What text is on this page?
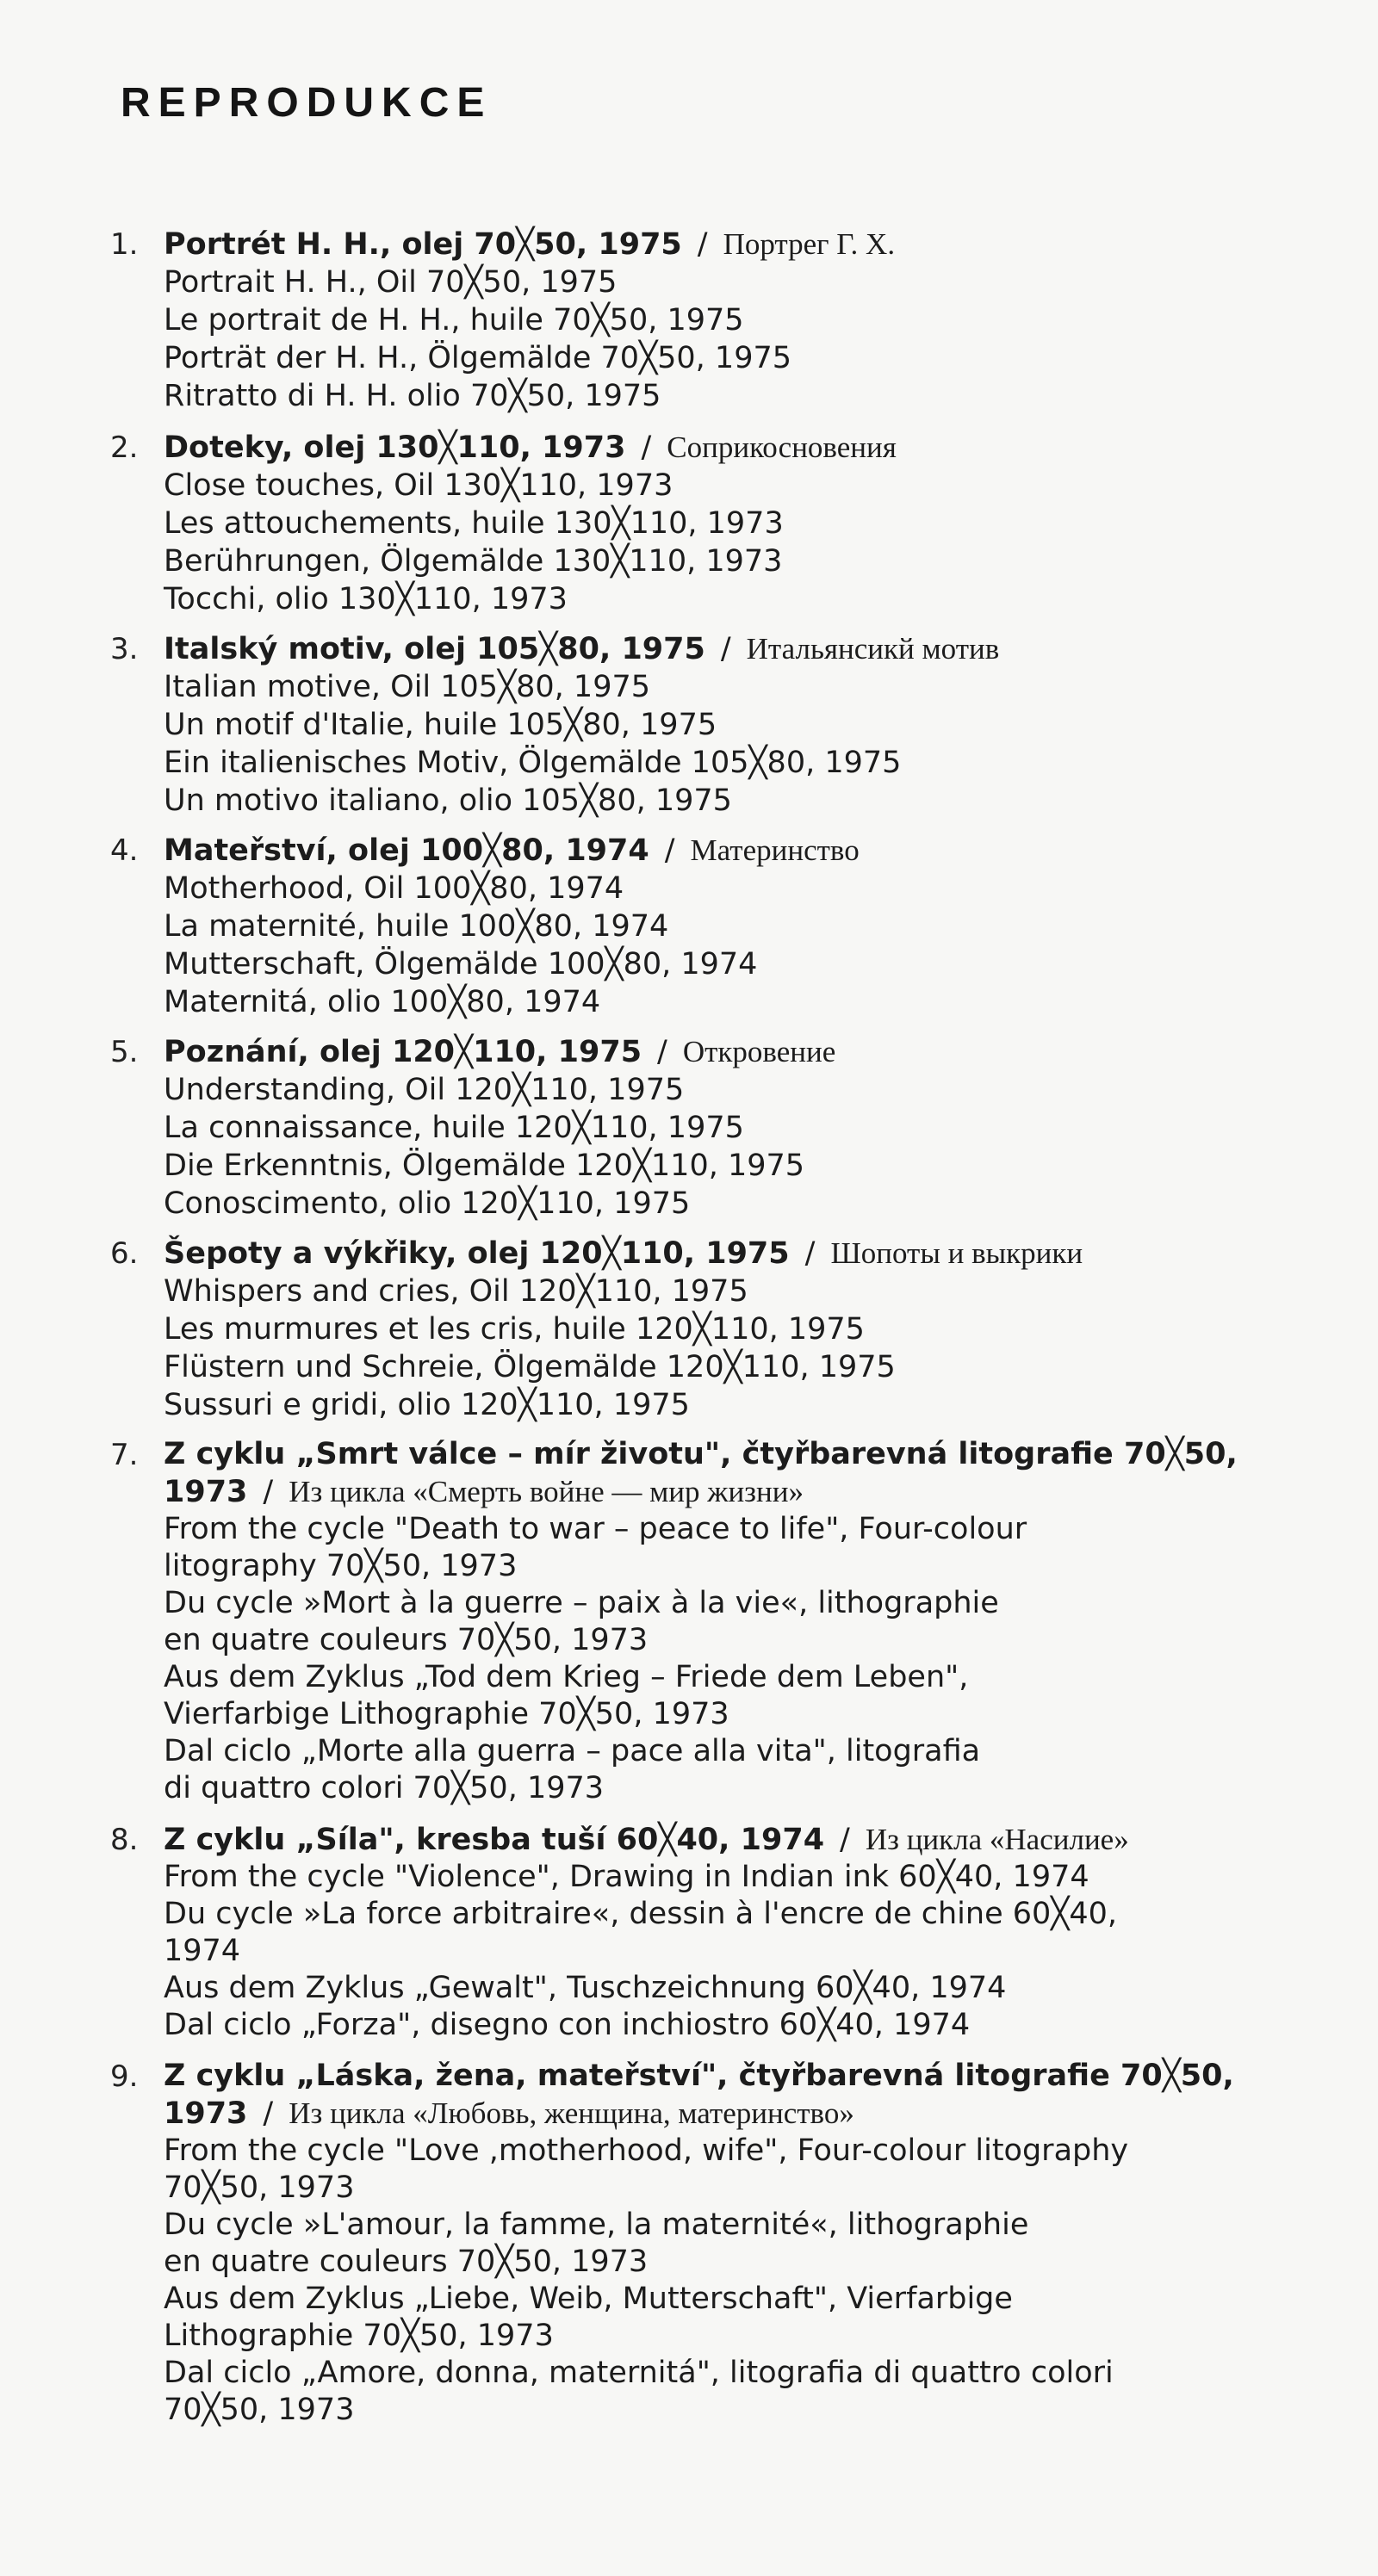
REPRODUKCE
1. Portrét H. H., olej 70╳50, 1975 / Портрег Г. Х.
Portrait H. H., Oil 70╳50, 1975
Le portrait de H. H., huile 70╳50, 1975
Porträt der H. H., Ölgemälde 70╳50, 1975
Ritratto di H. H. olio 70╳50, 1975
2. Doteky, olej 130╳110, 1973 / Соприкосновения
Close touches, Oil 130╳110, 1973
Les attouchements, huile 130╳110, 1973
Berührungen, Ölgemälde 130╳110, 1973
Tocchi, olio 130╳110, 1973
3. Italský motiv, olej 105╳80, 1975 / Итальянсикй мотив
Italian motive, Oil 105╳80, 1975
Un motif d'Italie, huile 105╳80, 1975
Ein italienisches Motiv, Ölgemälde 105╳80, 1975
Un motivo italiano, olio 105╳80, 1975
4. Mateřství, olej 100╳80, 1974 / Материнство
Motherhood, Oil 100╳80, 1974
La maternité, huile 100╳80, 1974
Mutterschaft, Ölgemälde 100╳80, 1974
Maternitá, olio 100╳80, 1974
5. Poznání, olej 120╳110, 1975 / Откровение
Understanding, Oil 120╳110, 1975
La connaissance, huile 120╳110, 1975
Die Erkenntnis, Ölgemälde 120╳110, 1975
Conoscimento, olio 120╳110, 1975
6. Šepoty a výkřiky, olej 120╳110, 1975 / Шопоты и выкрики
Whispers and cries, Oil 120╳110, 1975
Les murmures et les cris, huile 120╳110, 1975
Flüstern und Schreie, Ölgemälde 120╳110, 1975
Sussuri e gridi, olio 120╳110, 1975
7. Z cyklu „Smrt válce – mír životu", čtyřbarevná litografie 70╳50,
1973 / Из цикла «Смерть войне — мир жизни»
From the cycle "Death to war – peace to life", Four-colour
litography 70╳50, 1973
Du cycle »Mort à la guerre – paix à la vie«, lithographie
en quatre couleurs 70╳50, 1973
Aus dem Zyklus „Tod dem Krieg – Friede dem Leben",
Vierfarbige Lithographie 70╳50, 1973
Dal ciclo „Morte alla guerra – pace alla vita", litografia
di quattro colori 70╳50, 1973
8. Z cyklu „Síla", kresba tuší 60╳40, 1974 / Из цикла «Насилие»
From the cycle "Violence", Drawing in Indian ink 60╳40, 1974
Du cycle »La force arbitraire«, dessin à l'encre de chine 60╳40,
1974
Aus dem Zyklus „Gewalt", Tuschzeichnung 60╳40, 1974
Dal ciclo „Forza", disegno con inchiostro 60╳40, 1974
9. Z cyklu „Láska, žena, mateřství", čtyřbarevná litografie 70╳50,
1973 / Из цикла «Любовь, женщина, материнство»
From the cycle "Love ,motherhood, wife", Four-colour litography
70╳50, 1973
Du cycle »L'amour, la famme, la maternité«, lithographie
en quatre couleurs 70╳50, 1973
Aus dem Zyklus „Liebe, Weib, Mutterschaft", Vierfarbige
Lithographie 70╳50, 1973
Dal ciclo „Amore, donna, maternitá", litografia di quattro colori
70╳50, 1973
